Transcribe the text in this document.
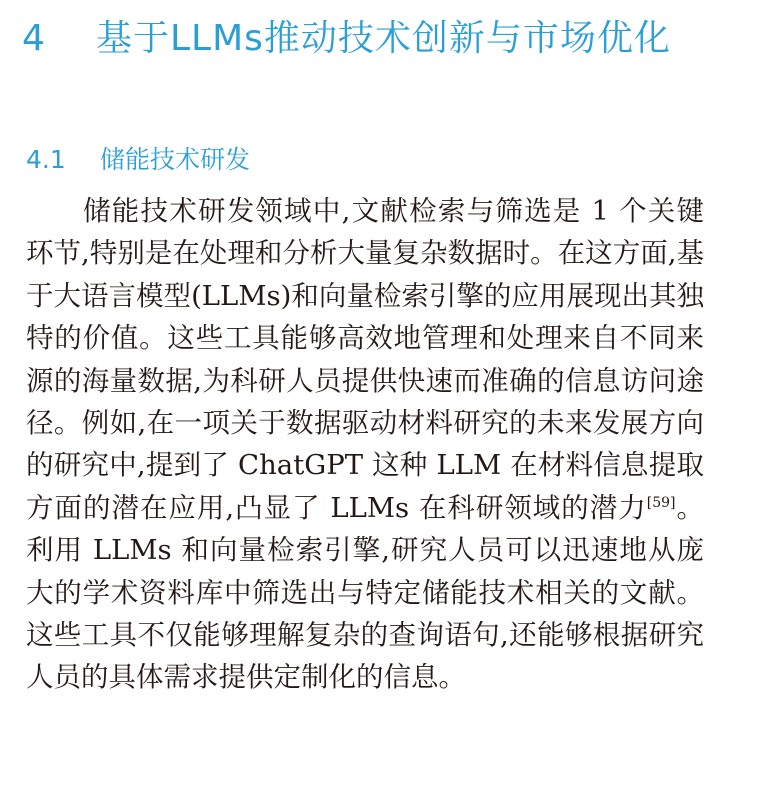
4 基于LLMs推动技术创新与市场优化
4.1 储能技术研发

储能技术研发领域中,文献检索与筛选是 1 个关键环节,特别是在处理和分析大量复杂数据时。在这方面,基于大语言模型(LLMs)和向量检索引擎的应用展现出其独特的价值。这些工具能够高效地管理和处理来自不同来源的海量数据,为科研人员提供快速而准确的信息访问途径。例如,在一项关于数据驱动材料研究的未来发展方向的研究中,提到了 ChatGPT 这种 LLM 在材料信息提取方面的潜在应用,凸显了 LLMs 在科研领域的潜力[59]。利用 LLMs 和向量检索引擎,研究人员可以迅速地从庞大的学术资料库中筛选出与特定储能技术相关的文献。这些工具不仅能够理解复杂的查询语句,还能够根据研究人员的具体需求提供定制化的信息。
